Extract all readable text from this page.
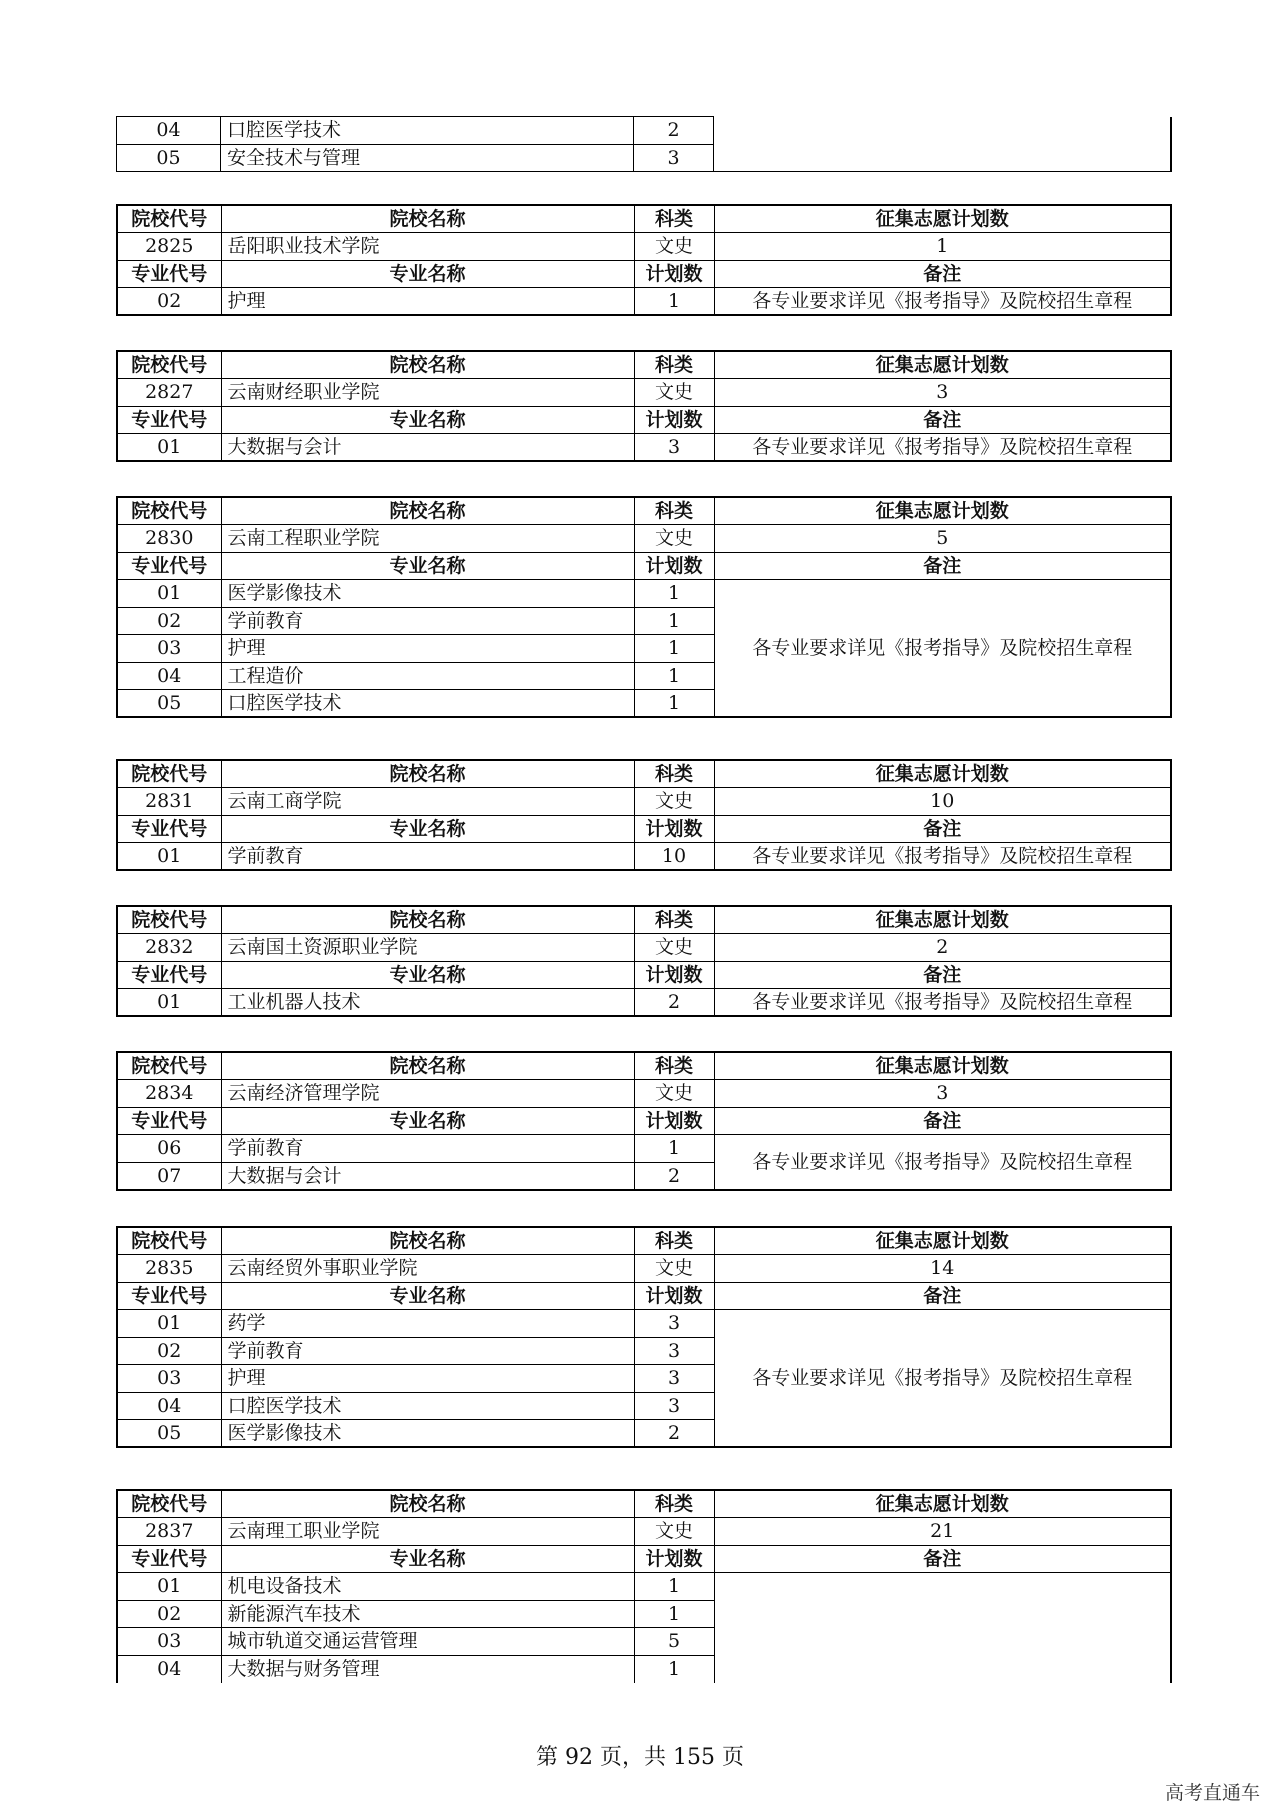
04	口腔医学技术	2	
05	安全技术与管理	3	
院校代号	院校名称	科类	征集志愿计划数
2825	岳阳职业技术学院	文史	1
专业代号	专业名称	计划数	备注
02	护理	1	各专业要求详见《报考指导》及院校招生章程
院校代号	院校名称	科类	征集志愿计划数
2827	云南财经职业学院	文史	3
专业代号	专业名称	计划数	备注
01	大数据与会计	3	各专业要求详见《报考指导》及院校招生章程
院校代号	院校名称	科类	征集志愿计划数
2830	云南工程职业学院	文史	5
专业代号	专业名称	计划数	备注
01	医学影像技术	1	各专业要求详见《报考指导》及院校招生章程
02	学前教育	1	
03	护理	1	
04	工程造价	1	
05	口腔医学技术	1	
院校代号	院校名称	科类	征集志愿计划数
2831	云南工商学院	文史	10
专业代号	专业名称	计划数	备注
01	学前教育	10	各专业要求详见《报考指导》及院校招生章程
院校代号	院校名称	科类	征集志愿计划数
2832	云南国土资源职业学院	文史	2
专业代号	专业名称	计划数	备注
01	工业机器人技术	2	各专业要求详见《报考指导》及院校招生章程
院校代号	院校名称	科类	征集志愿计划数
2834	云南经济管理学院	文史	3
专业代号	专业名称	计划数	备注
06	学前教育	1	各专业要求详见《报考指导》及院校招生章程
07	大数据与会计	2	
院校代号	院校名称	科类	征集志愿计划数
2835	云南经贸外事职业学院	文史	14
专业代号	专业名称	计划数	备注
01	药学	3	各专业要求详见《报考指导》及院校招生章程
02	学前教育	3	
03	护理	3	
04	口腔医学技术	3	
05	医学影像技术	2	
院校代号	院校名称	科类	征集志愿计划数
2837	云南理工职业学院	文史	21
专业代号	专业名称	计划数	备注
01	机电设备技术	1	
02	新能源汽车技术	1	
03	城市轨道交通运营管理	5	
04	大数据与财务管理	1	
第 92 页，共 155 页
高考直通车
